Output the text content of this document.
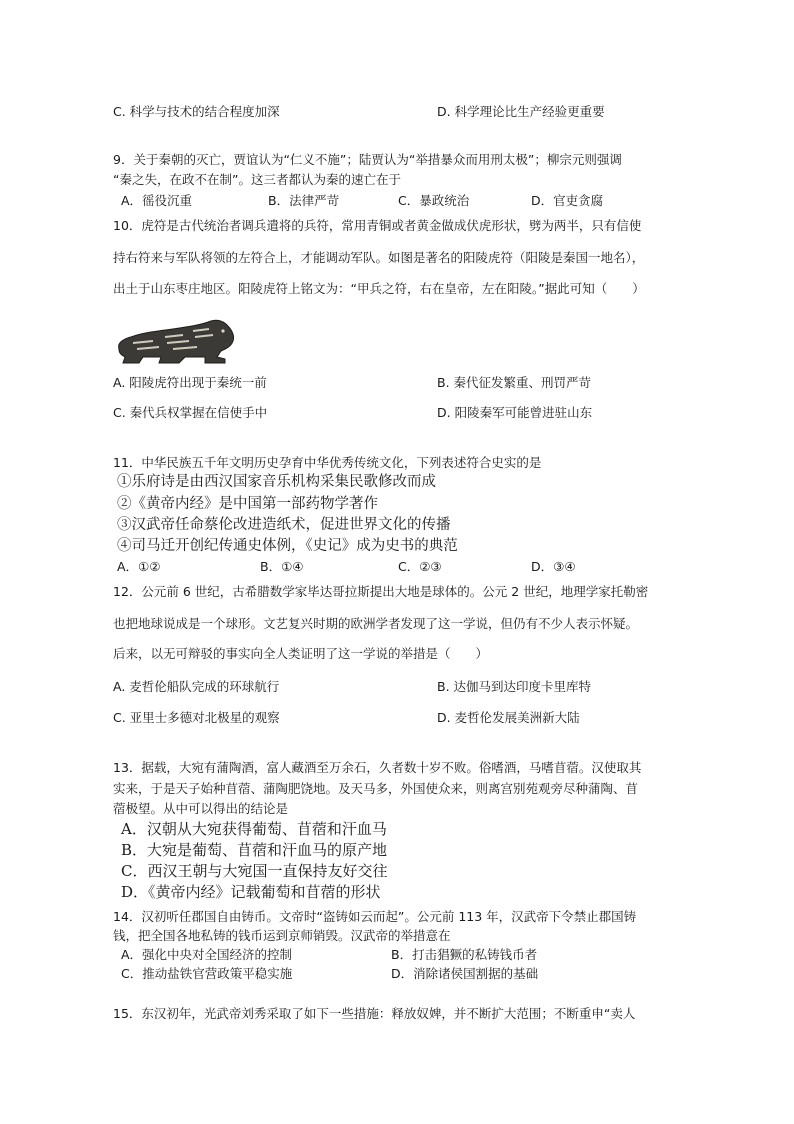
C. 科学与技术的结合程度加深	D. 科学理论比生产经验更重要
9．关于秦朝的灭亡，贾谊认为“仁义不施”；陆贾认为“举措暴众而用刑太极”；柳宗元则强调
“秦之失，在政不在制”。这三者都认为秦的速亡在于
A．徭役沉重	B．法律严苛	C．暴政统治	D．官吏贪腐
10．虎符是古代统治者调兵遣将的兵符，常用青铜或者黄金做成伏虎形状，劈为两半，只有信使
持右符来与军队将领的左符合上，才能调动军队。如图是著名的阳陵虎符（阳陵是秦国一地名），
出土于山东枣庄地区。阳陵虎符上铭文为：“甲兵之符，右在皇帝，左在阳陵。”据此可知（　　）
A. 阳陵虎符出现于秦统一前	B. 秦代征发繁重、刑罚严苛
C. 秦代兵权掌握在信使手中	D. 阳陵秦军可能曾进驻山东
11．中华民族五千年文明历史孕育中华优秀传统文化，下列表述符合史实的是
①乐府诗是由西汉国家音乐机构采集民歌修改而成
②《黄帝内经》是中国第一部药物学著作
③汉武帝任命蔡伦改进造纸术，促进世界文化的传播
④司马迁开创纪传通史体例，《史记》成为史书的典范
A．①②	B．①④	C．②③	D．③④
12．公元前 6 世纪，古希腊数学家毕达哥拉斯提出大地是球体的。公元 2 世纪，地理学家托勒密
也把地球说成是一个球形。文艺复兴时期的欧洲学者发现了这一学说，但仍有不少人表示怀疑。
后来，以无可辩驳的事实向全人类证明了这一学说的举措是（　　）
A. 麦哲伦船队完成的环球航行	B. 达伽马到达印度卡里库特
C. 亚里士多德对北极星的观察	D. 麦哲伦发展美洲新大陆
13．据载，大宛有蒲陶酒，富人藏酒至万余石，久者数十岁不败。俗嗜酒，马嗜苜蓿。汉使取其
实来，于是天子始种苜蓿、蒲陶肥饶地。及天马多，外国使众来，则离宫别苑观旁尽种蒲陶、苜
蓿极望。从中可以得出的结论是
A．汉朝从大宛获得葡萄、苜蓿和汗血马
B．大宛是葡萄、苜蓿和汗血马的原产地
C．西汉王朝与大宛国一直保持友好交往
D．《黄帝内经》记载葡萄和苜蓿的形状
14．汉初听任郡国自由铸币。文帝时“盗铸如云而起”。公元前 113 年，汉武帝下令禁止郡国铸
钱，把全国各地私铸的钱币运到京师销毁。汉武帝的举措意在
A．强化中央对全国经济的控制	B．打击猖獗的私铸钱币者
C．推动盐铁官营政策平稳实施	D．消除诸侯国割据的基础
15．东汉初年，光武帝刘秀采取了如下一些措施：释放奴婢，并不断扩大范围；不断重申“卖人
